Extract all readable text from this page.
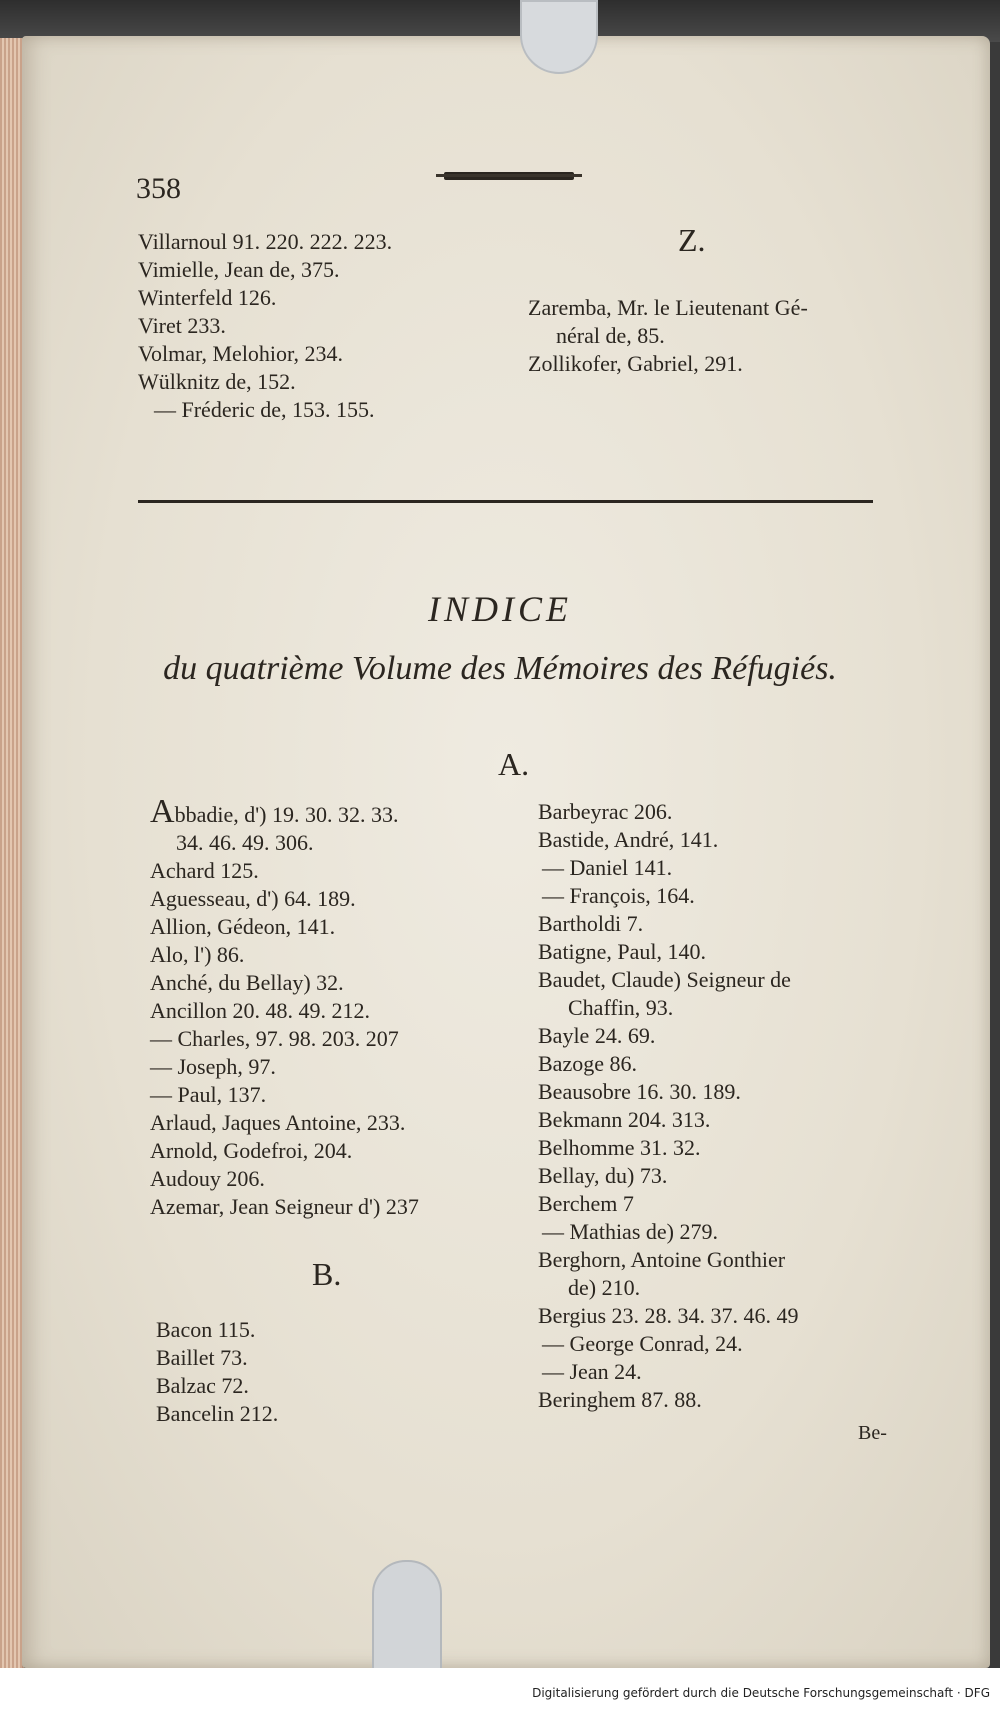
358
Villarnoul 91. 220. 222. 223.
Vimielle, Jean de, 375.
Winterfeld 126.
Viret 233.
Volmar, Melohior, 234.
Wülknitz de, 152.
— Fréderic de, 153. 155.
Z.
Zaremba, Mr. le Lieutenant Gé-
néral de, 85.
Zollikofer, Gabriel, 291.
INDICE
du quatrième Volume des Mémoires des Réfugiés.
A.
Abbadie, d') 19. 30. 32. 33.
34. 46. 49. 306.
Achard 125.
Aguesseau, d') 64. 189.
Allion, Gédeon, 141.
Alo, l') 86.
Anché, du Bellay) 32.
Ancillon 20. 48. 49. 212.
— Charles, 97. 98. 203. 207
— Joseph, 97.
— Paul, 137.
Arlaud, Jaques Antoine, 233.
Arnold, Godefroi, 204.
Audouy 206.
Azemar, Jean Seigneur d') 237
B.
Bacon 115.
Baillet 73.
Balzac 72.
Bancelin 212.
Barbeyrac 206.
Bastide, André, 141.
— Daniel 141.
— François, 164.
Bartholdi 7.
Batigne, Paul, 140.
Baudet, Claude) Seigneur de
Chaffin, 93.
Bayle 24. 69.
Bazoge 86.
Beausobre 16. 30. 189.
Bekmann 204. 313.
Belhomme 31. 32.
Bellay, du) 73.
Berchem 7
— Mathias de) 279.
Berghorn, Antoine Gonthier
de) 210.
Bergius 23. 28. 34. 37. 46. 49
— George Conrad, 24.
— Jean 24.
Beringhem 87. 88.
Be-
Digitalisierung gefördert durch die Deutsche Forschungsgemeinschaft · DFG
